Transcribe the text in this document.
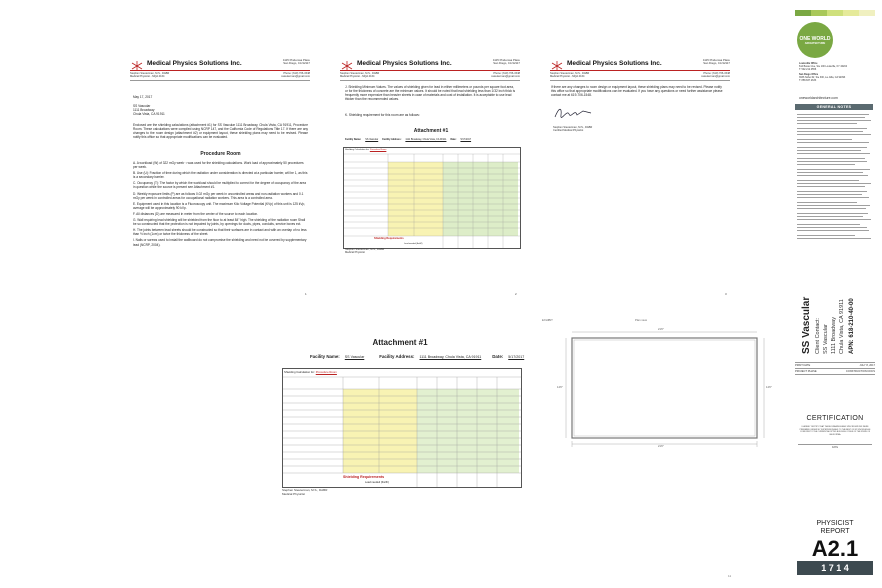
Medical Physics Solutions Inc.	4115 Pinderosa Place
San Diego, CA 92117
Stephen Steuterman, M.S., DABR
Medical Physicist - MQA 4164
Phone: (619) 706-1548
ssteuterman@gmail.com
May 17, 2017
SS Vascular
1111 Broadway
Chula Vista, CA 91911
Enclosed are the shielding calculations (attachment #1) for SS Vascular 1111 Broadway, Chula Vista, CA 91911, Procedure Room. These calculations were compiled using NCRP 147, and the California Code of Regulations Title 17. If there are any changes to the room design (attachment #2) or equipment layout, these shielding plans may need to be revised. Please notify this office so that appropriate modifications can be evaluated.
Procedure Room
A. A workload (W) of 322 mGy week⁻¹ was used for the shielding calculations. Work load of approximately 50 procedures per week.
B. Use (U): Fraction of time during which the radiation under consideration is directed at a particular barrier, will be 1, as this is a secondary barrier.
C. Occupancy (T): The factor by which the workload should be multiplied to correct for the degree of occupancy of the area in question while the source is present see Attachment #1.
D. Weekly exposure limits (P) are as follows 0.02 mGy per week in uncontrolled areas and non-radiation workers and 0.1 mGy per week in controlled areas for occupational radiation workers. This area is a controlled area.
E. Equipment used in this location is a Fluoroscopy unit. The maximum Kilo Voltage Potential (KVp) of this unit is 125 kVp, average will be approximately 90 kVp.
F. All distances (D) are measured in meter from the center of the source to each location.
G. Wall requiring lead shielding will be shielded from the floor to at least 84" high. The shielding of the radiation room Shall be so constructed that the protection is not impaired by joints, by openings for ducts, pipes, conduits, service boxes ect.
H. The joints between lead sheets should be constructed so that their surfaces are in contact and with an overlap of no less than ½ inch (1cm) or twice the thickness of the sheet.
I. Nails or screws used to install the wallboard do not compromise the shielding and need not be covered by supplementary lead (NCRP, 2004).
1
Medical Physics Solutions Inc.	4115 Pinderosa Place
San Diego, CA 92117
Stephen Steuterman, M.S., DABR
Medical Physicist - MQA 4164
Phone: (619) 706-1548
ssteuterman@gmail.com
J. Shielding Minimum Values. The values of shielding given for lead in either millimeters or pounds per square foot area, or for the thickness of concrete are the minimum values. It should be noted that lead shielding less than 1/32 inch thick is frequently more expensive than heavier sheets in case of materials and cost of installation. It is acceptable to use lead thicker than the recommended values.
K. Shielding requirement for this room are as follows:
Attachment #1
Facility Name: SS Vascular Facility Address: 1111 Broadway, Chula Vista, CA 91911 Date: 5/17/2017
Shielding Calculation for: Procedure Room
Shielding Requirements
Lead needed (lbs/ft²)
Stephen Steuterman, M.S., DABR
Medical Physicist
2
Medical Physics Solutions Inc.	4115 Pinderosa Place
San Diego, CA 92117
Stephen Steuterman, M.S., DABR
Medical Physicist - MQA 4164
Phone: (619) 706-1548
ssteuterman@gmail.com
If there are any changes to room design or equipment layout, these shielding plans may need to be revised. Please notify this office so that appropriate modifications can be evaluated. If you have any questions or need further assistance please contact me at 619-706-1548.
Stephen Steuterman, M.S., DABR
Certified Medical Physicist
3
Attachment #1
Facility Name: SS Vascular	Facility Address: 1111 Broadway, Chula Vista, CA 91911	Date: 5/17/2017
Shielding Calculation for: Procedure Room
Shielding Requirements
Lead needed (lbs/ft²)
Stephen Steuterman, M.S., DABR
Medical Physicist
EXHIBIT	Plan view
21'0"
21'0"
14'0"	14'0"
ONE WORLD
ARCHITECTURE
Louisville Office
614 Baxter Ave, Ste 100 Louisville, KY 40204
T: 502.212.0556
San Diego Office
3636 Nobel Dr, Ste 300, La Jolla, CA 92093
T: 858.837.2633
oneworldarchitecture.com
GENERAL NOTES
SS Vascular Client Contact: SS Vascular 1111 Broadway Chula Vista, CA 91911 APN: 618-210-40-00
PRINT DATE	JULY 8, 2017
PROJECT PHASE	CONSTRUCTION DOCS
CERTIFICATION
I HEREBY CERTIFY THAT THESE DRAWINGS AND SPECIFICATIONS WERE PREPARED UNDER MY SUPERVISION AND TO THE BEST OF MY KNOWLEDGE CONFORM TO THE CURRENT ADOPTED BUILDING CODES OF THE STATE OF CALIFORNIA.
DATE
PHYSICIST
REPORT
A2.1
1 7 1 4
11
